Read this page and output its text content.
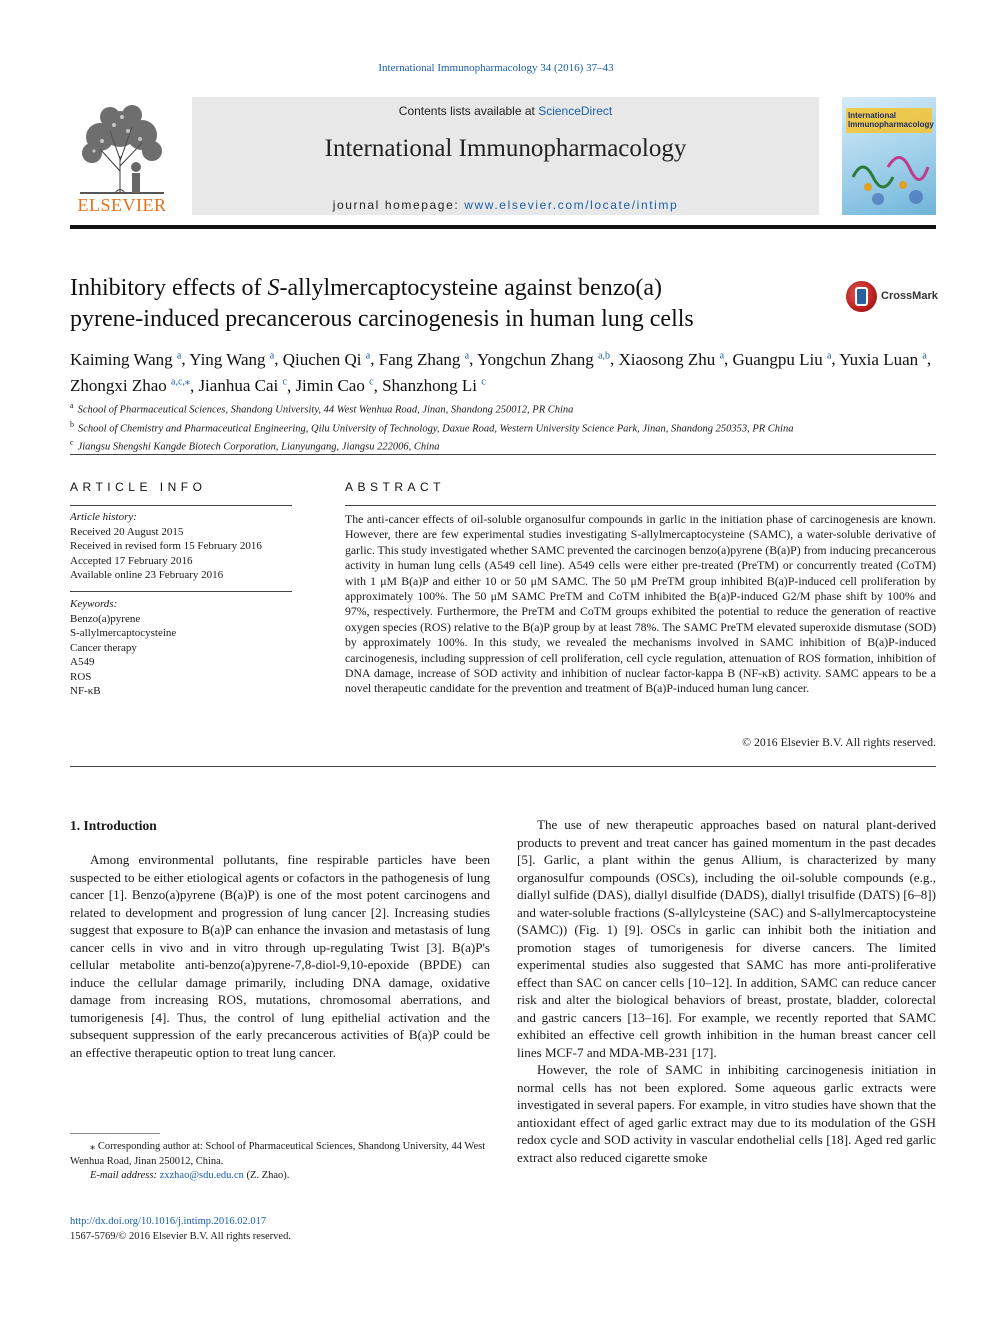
International Immunopharmacology 34 (2016) 37–43
ELSEVIER
Contents lists available at ScienceDirect
International Immunopharmacology
journal homepage: www.elsevier.com/locate/intimp
International Immunopharmacology
Inhibitory effects of S-allylmercaptocysteine against benzo(a)
pyrene-induced precancerous carcinogenesis in human lung cells
CrossMark
Kaiming Wang $^a$, Ying Wang $^a$, Qiuchen Qi $^a$, Fang Zhang $^a$, Yongchun Zhang $^{a,b}$, Xiaosong Zhu $^a$, Guangpu Liu $^a$, Yuxia Luan $^a$, Zhongxi Zhao $^{a,c,⁎}$, Jianhua Cai $^c$, Jimin Cao $^c$, Shanzhong Li $^c$
$^a$ School of Pharmaceutical Sciences, Shandong University, 44 West Wenhua Road, Jinan, Shandong 250012, PR China
$^b$ School of Chemistry and Pharmaceutical Engineering, Qilu University of Technology, Daxue Road, Western University Science Park, Jinan, Shandong 250353, PR China
$^c$ Jiangsu Shengshi Kangde Biotech Corporation, Lianyungang, Jiangsu 222006, China
ARTICLE INFO
Article history:
Received 20 August 2015
Received in revised form 15 February 2016
Accepted 17 February 2016
Available online 23 February 2016
Keywords:
Benzo(a)pyrene
S-allylmercaptocysteine
Cancer therapy
A549
ROS
NF-κB
ABSTRACT
The anti-cancer effects of oil-soluble organosulfur compounds in garlic in the initiation phase of carcinogenesis are known. However, there are few experimental studies investigating S-allylmercaptocysteine (SAMC), a water-soluble derivative of garlic. This study investigated whether SAMC prevented the carcinogen benzo(a)pyrene (B(a)P) from inducing precancerous activity in human lung cells (A549 cell line). A549 cells were either pre-treated (PreTM) or concurrently treated (CoTM) with 1 μM B(a)P and either 10 or 50 μM SAMC. The 50 μM PreTM group inhibited B(a)P-induced cell proliferation by approximately 100%. The 50 μM SAMC PreTM and CoTM inhibited the B(a)P-induced G2/M phase shift by 100% and 97%, respectively. Furthermore, the PreTM and CoTM groups exhibited the potential to reduce the generation of reactive oxygen species (ROS) relative to the B(a)P group by at least 78%. The SAMC PreTM elevated superoxide dismutase (SOD) by approximately 100%. In this study, we revealed the mechanisms involved in SAMC inhibition of B(a)P-induced carcinogenesis, including suppression of cell proliferation, cell cycle regulation, attenuation of ROS formation, inhibition of DNA damage, increase of SOD activity and inhibition of nuclear factor-kappa B (NF-κB) activity. SAMC appears to be a novel therapeutic candidate for the prevention and treatment of B(a)P-induced human lung cancer.
© 2016 Elsevier B.V. All rights reserved.
1. Introduction

Among environmental pollutants, fine respirable particles have been suspected to be either etiological agents or cofactors in the pathogenesis of lung cancer [1]. Benzo(a)pyrene (B(a)P) is one of the most potent carcinogens and related to development and progression of lung cancer [2]. Increasing studies suggest that exposure to B(a)P can enhance the invasion and metastasis of lung cancer cells in vivo and in vitro through up-regulating Twist [3]. B(a)P's cellular metabolite anti-benzo(a)pyrene-7,8-diol-9,10-epoxide (BPDE) can induce the cellular damage primarily, including DNA damage, oxidative damage from increasing ROS, mutations, chromosomal aberrations, and tumorigenesis [4]. Thus, the control of lung epithelial activation and the subsequent suppression of the early precancerous activities of B(a)P could be an effective therapeutic option to treat lung cancer.

The use of new therapeutic approaches based on natural plant-derived products to prevent and treat cancer has gained momentum in the past decades [5]. Garlic, a plant within the genus Allium, is characterized by many organosulfur compounds (OSCs), including the oil-soluble compounds (e.g., diallyl sulfide (DAS), diallyl disulfide (DADS), diallyl trisulfide (DATS) [6–8]) and water-soluble fractions (S-allylcysteine (SAC) and S-allylmercaptocysteine (SAMC)) (Fig. 1) [9]. OSCs in garlic can inhibit both the initiation and promotion stages of tumorigenesis for diverse cancers. The limited experimental studies also suggested that SAMC has more anti-proliferative effect than SAC on cancer cells [10–12]. In addition, SAMC can reduce cancer risk and alter the biological behaviors of breast, prostate, bladder, colorectal and gastric cancers [13–16]. For example, we recently reported that SAMC exhibited an effective cell growth inhibition in the human breast cancer cell lines MCF-7 and MDA-MB-231 [17].

However, the role of SAMC in inhibiting carcinogenesis initiation in normal cells has not been explored. Some aqueous garlic extracts were investigated in several papers. For example, in vitro studies have shown that the antioxidant effect of aged garlic extract may due to its modulation of the GSH redox cycle and SOD activity in vascular endothelial cells [18]. Aged red garlic extract also reduced cigarette smoke

⁎ Corresponding author at: School of Pharmaceutical Sciences, Shandong University, 44 West Wenhua Road, Jinan 250012, China.
E-mail address: zxzhao@sdu.edu.cn (Z. Zhao).
http://dx.doi.org/10.1016/j.intimp.2016.02.017
1567-5769/© 2016 Elsevier B.V. All rights reserved.
